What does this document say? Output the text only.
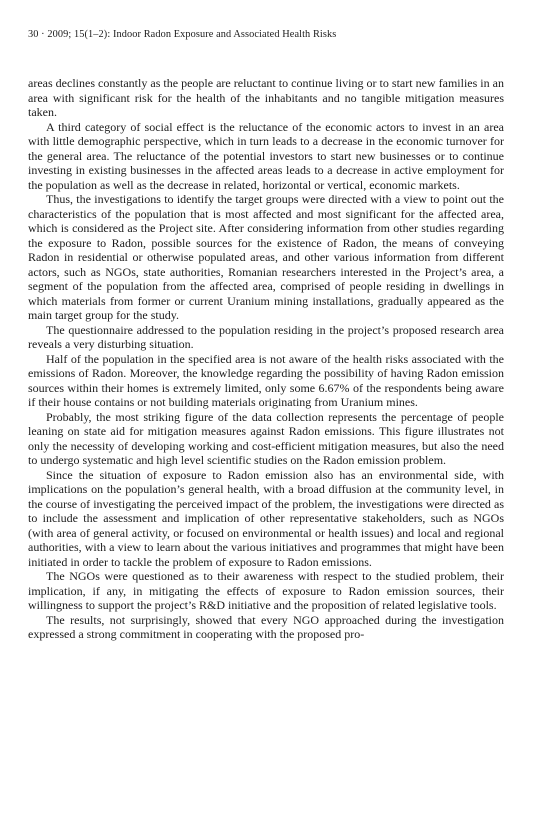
30 · 2009; 15(1–2): Indoor Radon Exposure and Associated Health Risks

areas declines constantly as the people are reluctant to continue living or to start new families in an area with significant risk for the health of the inhabitants and no tangible mitigation measures taken.

A third category of social effect is the reluctance of the economic actors to invest in an area with little demographic perspective, which in turn leads to a decrease in the economic turnover for the general area. The reluctance of the potential investors to start new businesses or to continue investing in existing businesses in the affected areas leads to a decrease in active employment for the population as well as the decrease in related, horizontal or vertical, economic markets.

Thus, the investigations to identify the target groups were directed with a view to point out the characteristics of the population that is most affected and most significant for the affected area, which is considered as the Project site. After considering information from other studies regarding the exposure to Radon, possible sources for the existence of Radon, the means of conveying Radon in residential or otherwise populated areas, and other various information from different actors, such as NGOs, state authorities, Romanian researchers interested in the Project’s area, a segment of the population from the affected area, comprised of people residing in dwellings in which materials from former or current Uranium mining installations, gradually appeared as the main target group for the study.

The questionnaire addressed to the population residing in the project’s proposed research area reveals a very disturbing situation.

Half of the population in the specified area is not aware of the health risks associated with the emissions of Radon. Moreover, the knowledge regarding the possibility of having Radon emission sources within their homes is extremely limited, only some 6.67% of the respondents being aware if their house contains or not building materials originating from Uranium mines.

Probably, the most striking figure of the data collection represents the percentage of people leaning on state aid for mitigation measures against Radon emissions. This figure illustrates not only the necessity of developing working and cost-efficient mitigation measures, but also the need to undergo systematic and high level scientific studies on the Radon emission problem.

Since the situation of exposure to Radon emission also has an environmental side, with implications on the population’s general health, with a broad diffusion at the community level, in the course of investigating the perceived impact of the problem, the investigations were directed as to include the assessment and implication of other representative stakeholders, such as NGOs (with area of general activity, or focused on environmental or health issues) and local and regional authorities, with a view to learn about the various initiatives and programmes that might have been initiated in order to tackle the problem of exposure to Radon emissions.

The NGOs were questioned as to their awareness with respect to the studied problem, their implication, if any, in mitigating the effects of exposure to Radon emission sources, their willingness to support the project’s R&D initiative and the proposition of related legislative tools.

The results, not surprisingly, showed that every NGO approached during the investigation expressed a strong commitment in cooperating with the proposed pro-
